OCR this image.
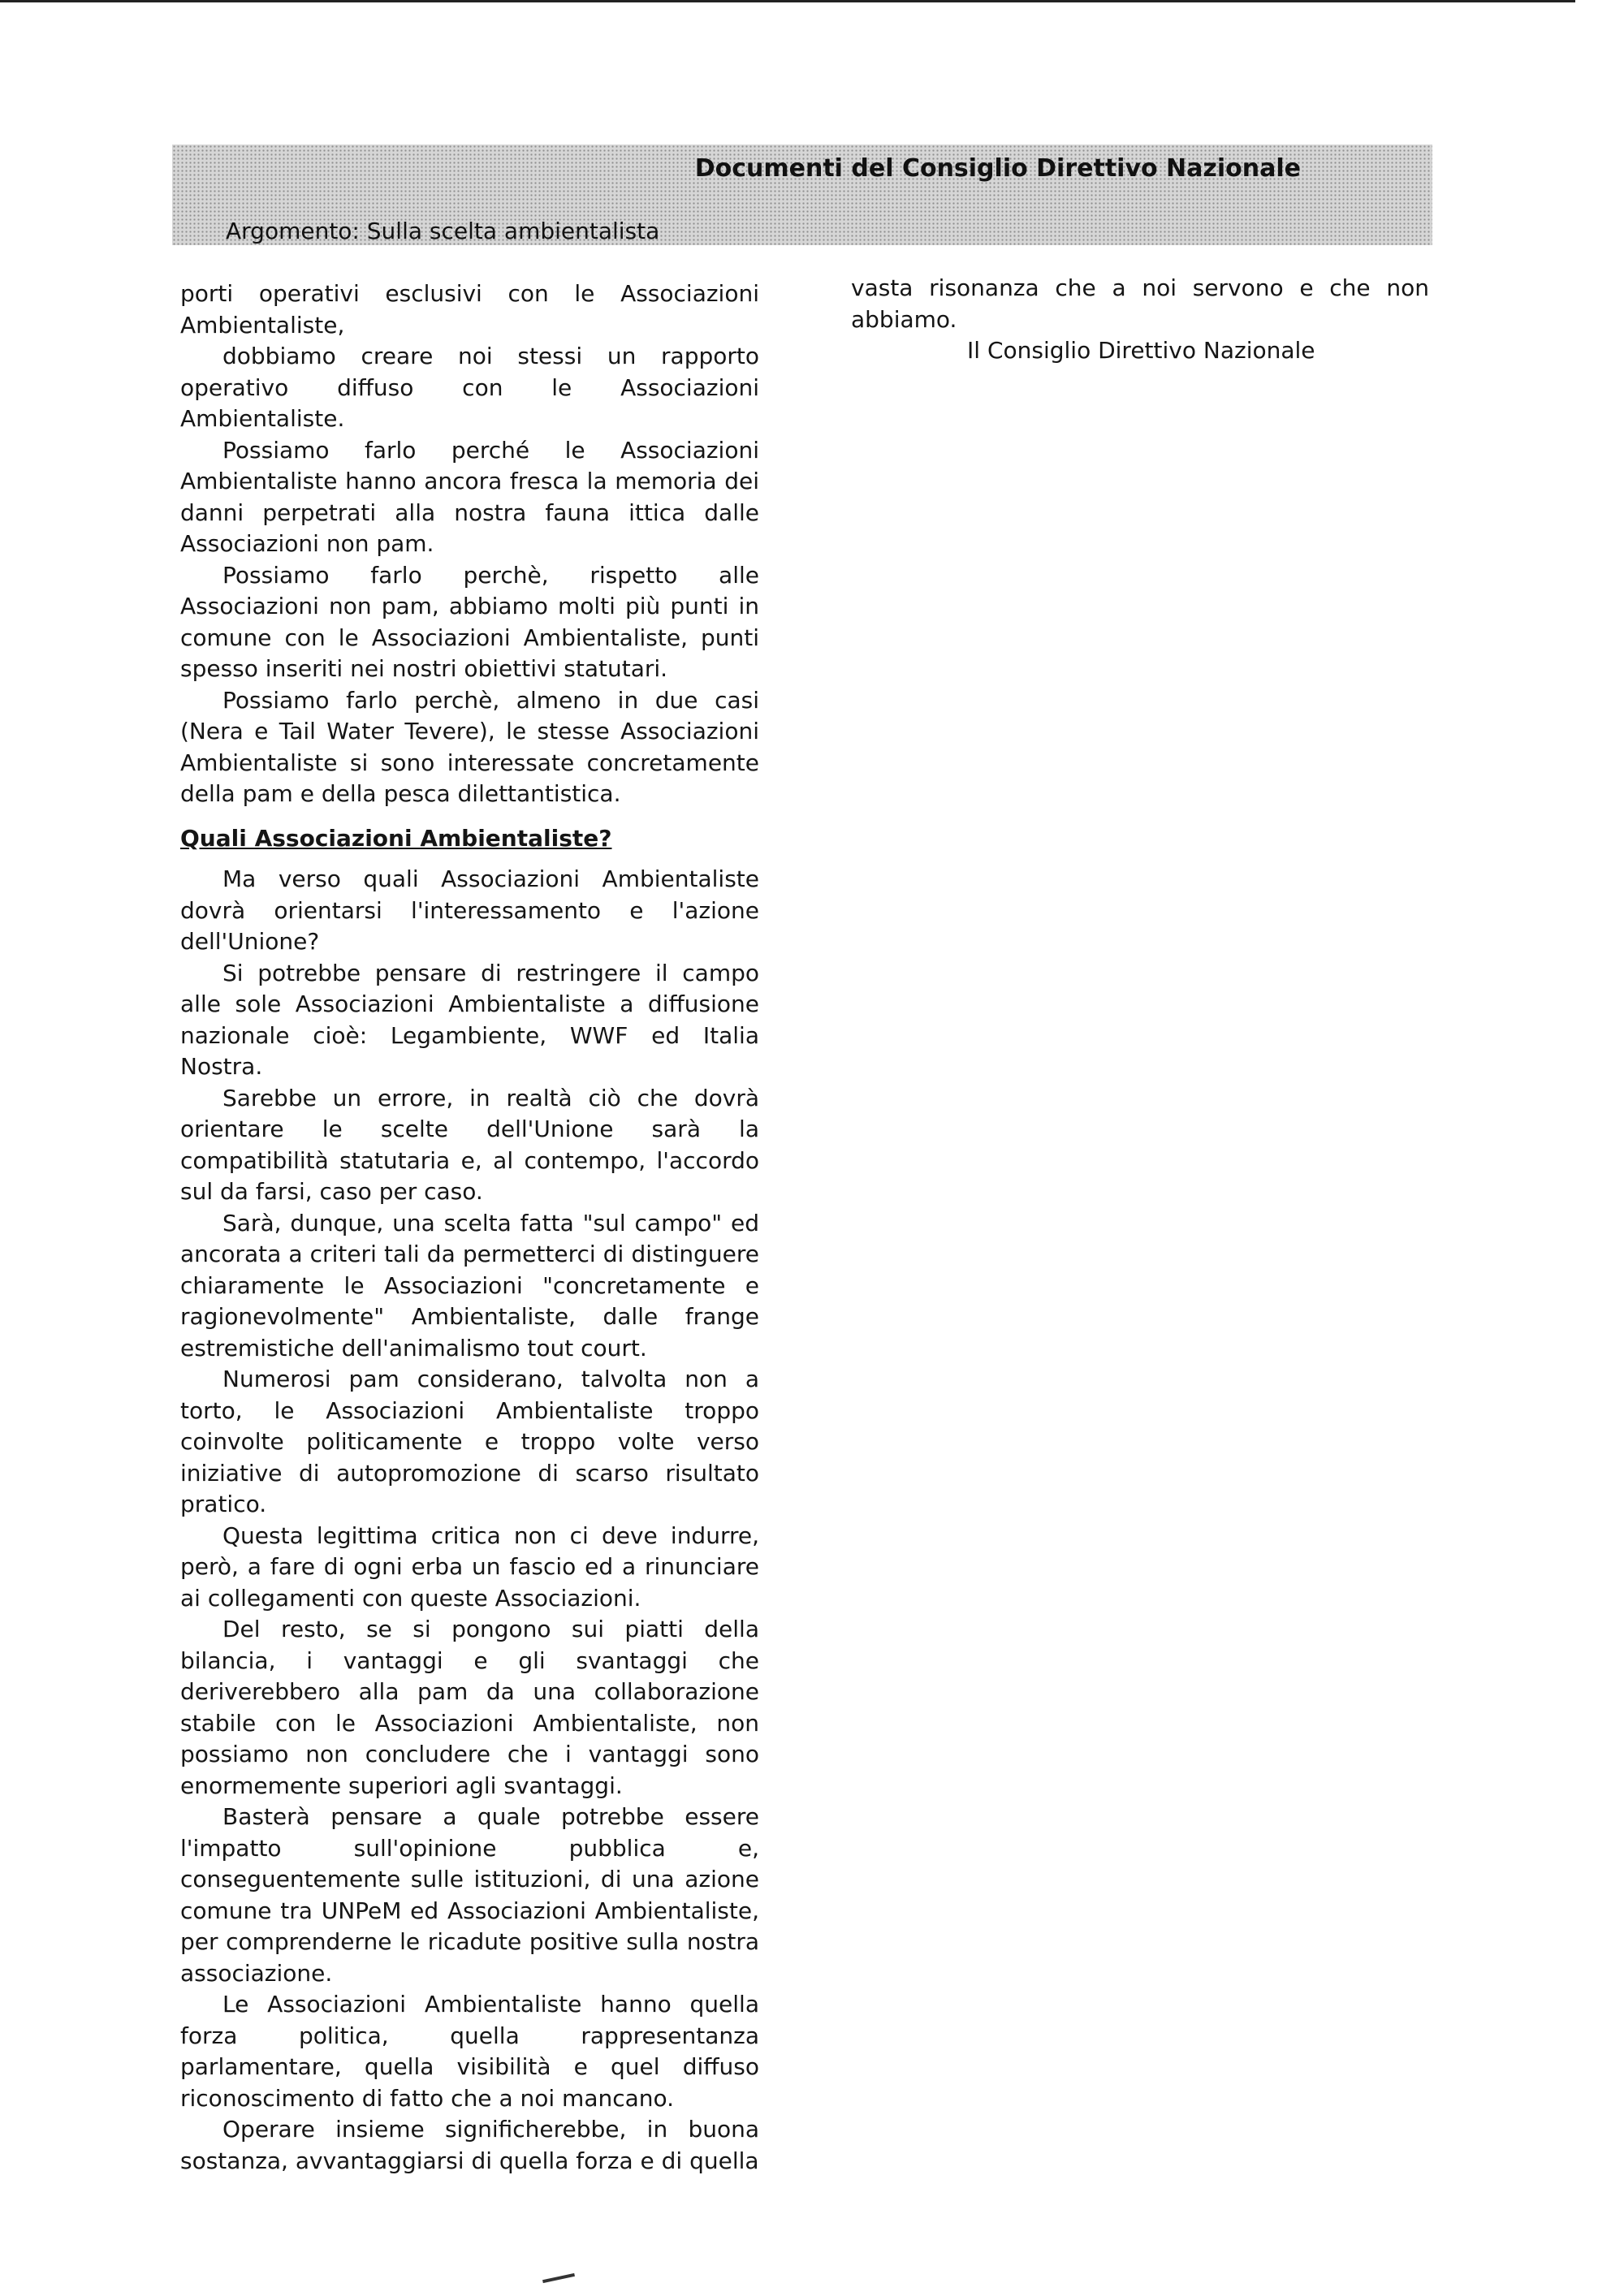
Documenti del Consiglio Direttivo Nazionale
Argomento: Sulla scelta ambientalista

porti operativi esclusivi con le Associazioni Ambientaliste,

dobbiamo creare noi stessi un rapporto operativo diffuso con le Associazioni Ambientaliste.

Possiamo farlo perché le Associazioni Ambientaliste hanno ancora fresca la memoria dei danni perpetrati alla nostra fauna ittica dalle Associazioni non pam.

Possiamo farlo perchè, rispetto alle Associazioni non pam, abbiamo molti più punti in comune con le Associazioni Ambientaliste, punti spesso inseriti nei nostri obiettivi statutari.

Possiamo farlo perchè, almeno in due casi (Nera e Tail Water Tevere), le stesse Associazioni Ambientaliste si sono interessate concretamente della pam e della pesca dilettantistica.

Quali Associazioni Ambientaliste?

Ma verso quali Associazioni Ambientaliste dovrà orientarsi l'interessamento e l'azione dell'Unione?

Si potrebbe pensare di restringere il campo alle sole Associazioni Ambientaliste a diffusione nazionale cioè: Legambiente, WWF ed Italia Nostra.

Sarebbe un errore, in realtà ciò che dovrà orientare le scelte dell'Unione sarà la compatibilità statutaria e, al contempo, l'accordo sul da farsi, caso per caso.

Sarà, dunque, una scelta fatta "sul campo" ed ancorata a criteri tali da permetterci di distinguere chiaramente le Associazioni "concretamente e ragionevolmente" Ambientaliste, dalle frange estremistiche dell'animalismo tout court.

Numerosi pam considerano, talvolta non a torto, le Associazioni Ambientaliste troppo coinvolte politicamente e troppo volte verso iniziative di autopromozione di scarso risultato pratico.

Questa legittima critica non ci deve indurre, però, a fare di ogni erba un fascio ed a rinunciare ai collegamenti con queste Associazioni.

Del resto, se si pongono sui piatti della bilancia, i vantaggi e gli svantaggi che deriverebbero alla pam da una collaborazione stabile con le Associazioni Ambientaliste, non possiamo non concludere che i vantaggi sono enormemente superiori agli svantaggi.

Basterà pensare a quale potrebbe essere l'impatto sull'opinione pubblica e, conseguentemente sulle istituzioni, di una azione comune tra UNPeM ed Associazioni Ambientaliste, per comprenderne le ricadute positive sulla nostra associazione.

Le Associazioni Ambientaliste hanno quella forza politica, quella rappresentanza parlamentare, quella visibilità e quel diffuso riconoscimento di fatto che a noi mancano.

Operare insieme significherebbe, in buona sostanza, avvantaggiarsi di quella forza e di quella

vasta risonanza che a noi servono e che non abbiamo.

Il Consiglio Direttivo Nazionale
